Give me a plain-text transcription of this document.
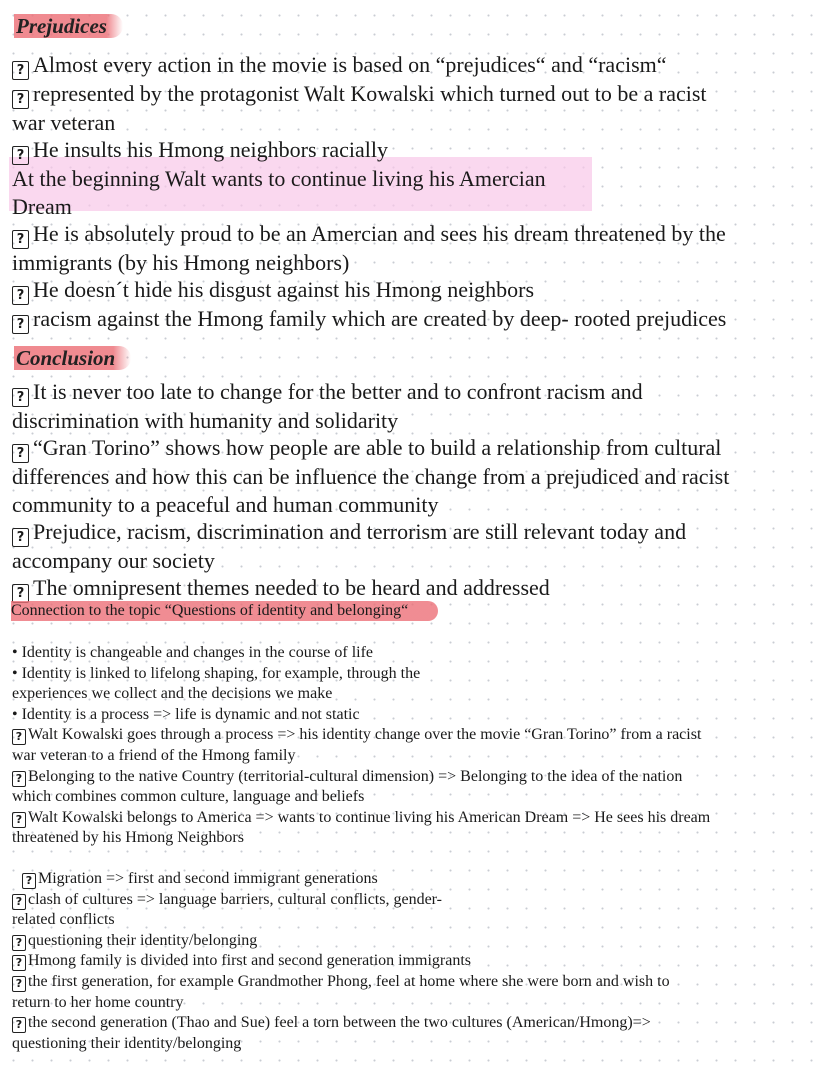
Prejudices
? Almost every action in the movie is based on “prejudices“ and “racism“
? represented by the protagonist Walt Kowalski which turned out to be a racist
war veteran
? He insults his Hmong neighbors racially
At the beginning Walt wants to continue living his Amercian
Dream
? He is absolutely proud to be an Amercian and sees his dream threatened by the
immigrants (by his Hmong neighbors)
? He doesn´t hide his disgust against his Hmong neighbors
? racism against the Hmong family which are created by deep- rooted prejudices
Conclusion
? It is never too late to change for the better and to confront racism and
discrimination with humanity and solidarity
? “Gran Torino” shows how people are able to build a relationship from cultural
differences and how this can be influence the change from a prejudiced and racist
community to a peaceful and human community
? Prejudice, racism, discrimination and terrorism are still relevant today and
accompany our society
? The omnipresent themes needed to be heard and addressed
Connection to the topic “Questions of identity and belonging“
• Identity is changeable and changes in the course of life
• Identity is linked to lifelong shaping, for example, through the
experiences we collect and the decisions we make
• Identity is a process => life is dynamic and not static
? Walt Kowalski goes through a process => his identity change over the movie “Gran Torino” from a racist
war veteran to a friend of the Hmong family
? Belonging to the native Country (territorial-cultural dimension) => Belonging to the idea of the nation
which combines common culture, language and beliefs
? Walt Kowalski belongs to America => wants to continue living his American Dream => He sees his dream
threatened by his Hmong Neighbors
? Migration => first and second immigrant generations
? clash of cultures => language barriers, cultural conflicts, gender-
related conflicts
? questioning their identity/belonging
? Hmong family is divided into first and second generation immigrants
? the first generation, for example Grandmother Phong, feel at home where she were born and wish to
return to her home country
? the second generation (Thao and Sue) feel a torn between the two cultures (American/Hmong)=>
questioning their identity/belonging
